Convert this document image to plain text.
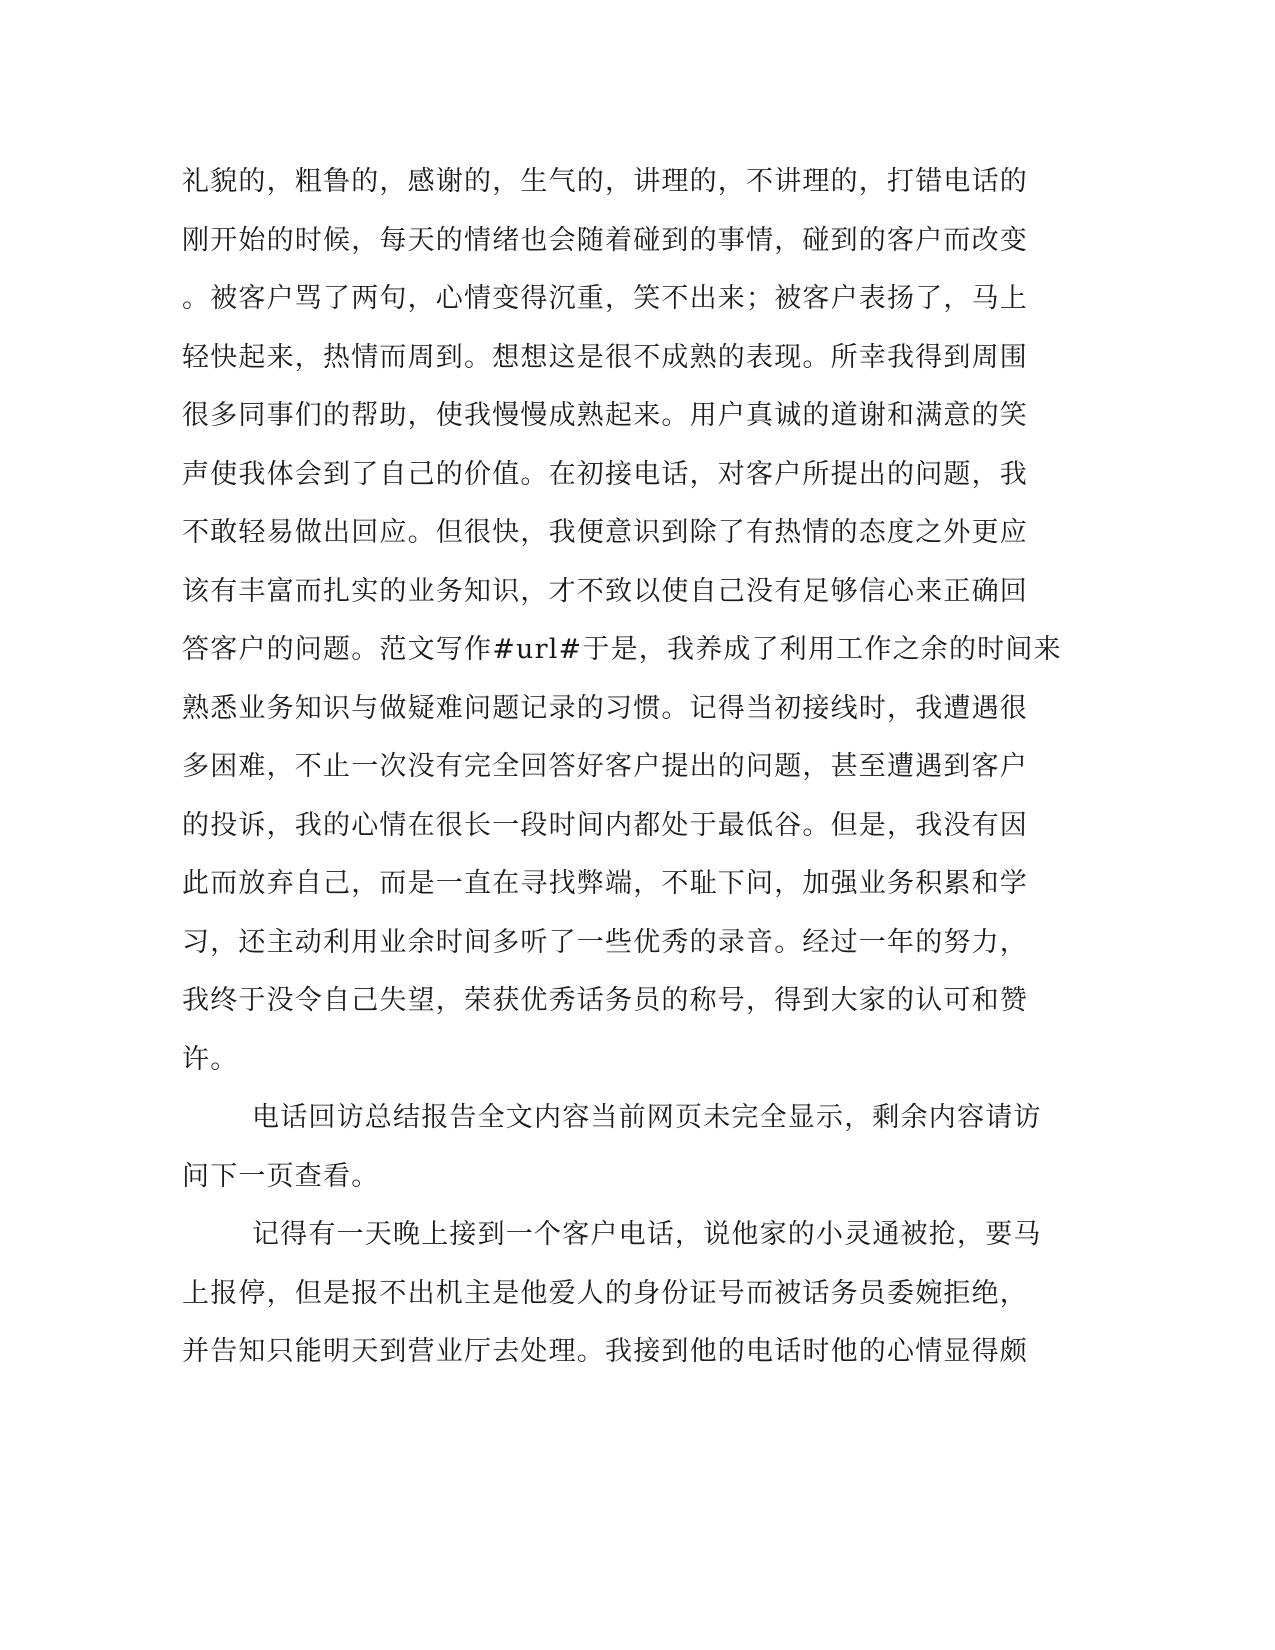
礼貌的，粗鲁的，感谢的，生气的，讲理的，不讲理的，打错电话的
刚开始的时候，每天的情绪也会随着碰到的事情，碰到的客户而改变
。被客户骂了两句，心情变得沉重，笑不出来；被客户表扬了，马上
轻快起来，热情而周到。想想这是很不成熟的表现。所幸我得到周围
很多同事们的帮助，使我慢慢成熟起来。用户真诚的道谢和满意的笑
声使我体会到了自己的价值。在初接电话，对客户所提出的问题，我
不敢轻易做出回应。但很快，我便意识到除了有热情的态度之外更应
该有丰富而扎实的业务知识，才不致以使自己没有足够信心来正确回
答客户的问题。范文写作#url#于是，我养成了利用工作之余的时间来
熟悉业务知识与做疑难问题记录的习惯。记得当初接线时，我遭遇很
多困难，不止一次没有完全回答好客户提出的问题，甚至遭遇到客户
的投诉，我的心情在很长一段时间内都处于最低谷。但是，我没有因
此而放弃自己，而是一直在寻找弊端，不耻下问，加强业务积累和学
习，还主动利用业余时间多听了一些优秀的录音。经过一年的努力，
我终于没令自己失望，荣获优秀话务员的称号，得到大家的认可和赞
许。
电话回访总结报告全文内容当前网页未完全显示，剩余内容请访
问下一页查看。
记得有一天晚上接到一个客户电话，说他家的小灵通被抢，要马
上报停，但是报不出机主是他爱人的身份证号而被话务员委婉拒绝，
并告知只能明天到营业厅去处理。我接到他的电话时他的心情显得颇
